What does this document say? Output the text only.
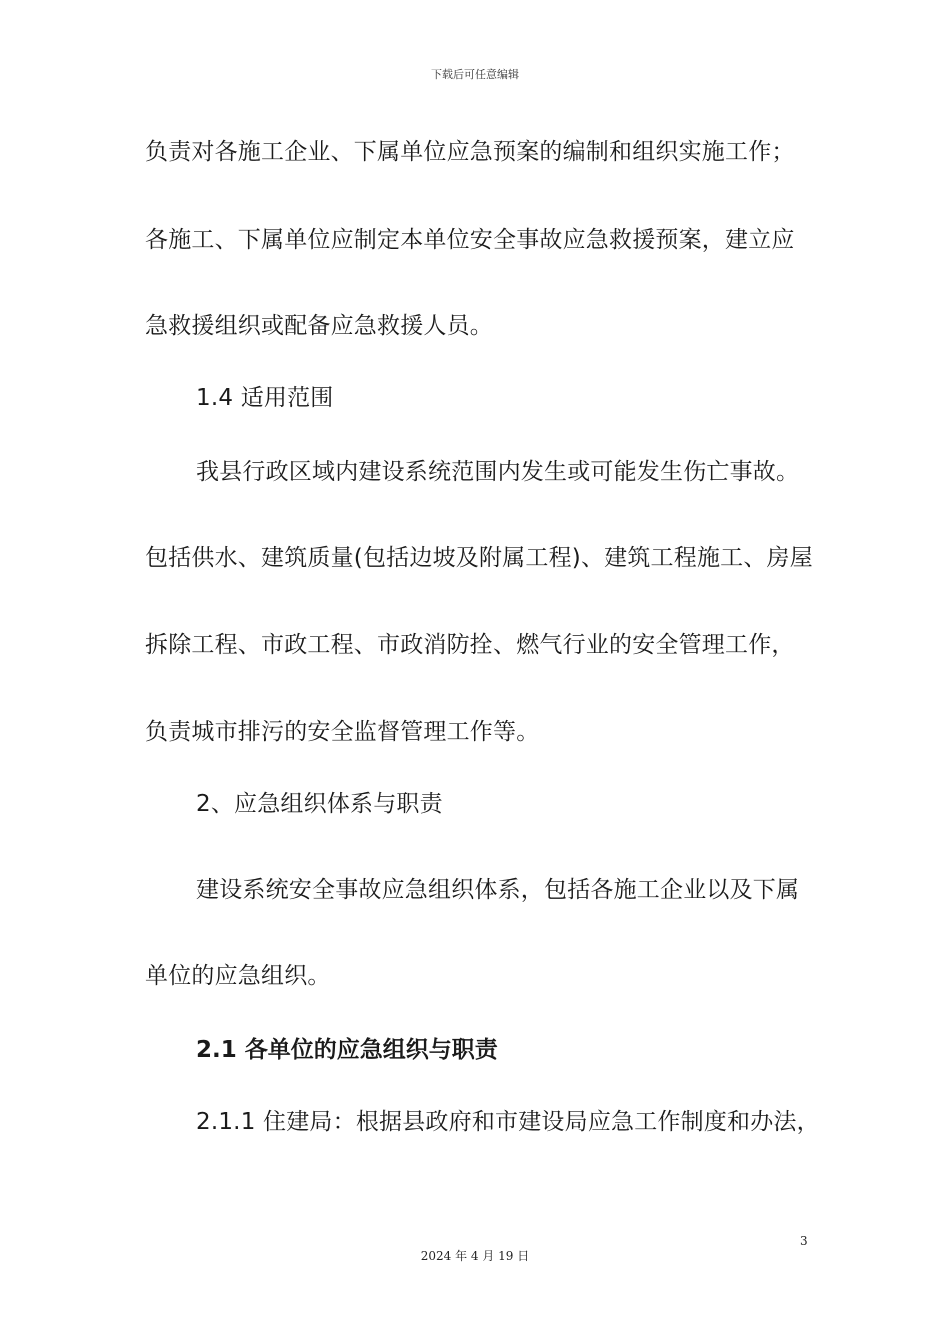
下载后可任意编辑
负责对各施工企业、下属单位应急预案的编制和组织实施工作；
各施工、下属单位应制定本单位安全事故应急救援预案，建立应
急救援组织或配备应急救援人员。
1.4 适用范围
我县行政区域内建设系统范围内发生或可能发生伤亡事故。
包括供水、建筑质量(包括边坡及附属工程)、建筑工程施工、房屋
拆除工程、市政工程、市政消防拴、燃气行业的安全管理工作，
负责城市排污的安全监督管理工作等。
2、应急组织体系与职责
建设系统安全事故应急组织体系，包括各施工企业以及下属
单位的应急组织。
2.1 各单位的应急组织与职责
2.1.1 住建局：根据县政府和市建设局应急工作制度和办法，
3
2024 年 4 月 19 日
